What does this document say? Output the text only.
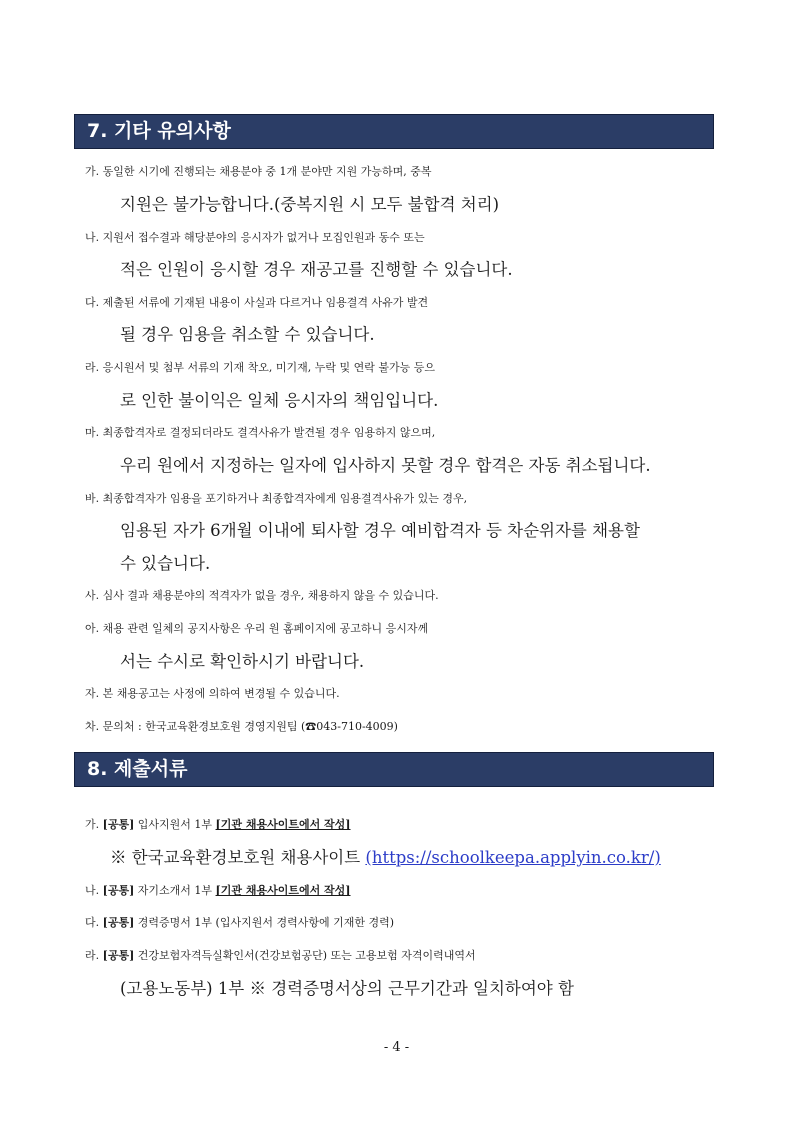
7. 기타 유의사항
가. 동일한 시기에 진행되는 채용분야 중 1개 분야만 지원 가능하며, 중복
지원은 불가능합니다.(중복지원 시 모두 불합격 처리)
나. 지원서 접수결과 해당분야의 응시자가 없거나 모집인원과 동수 또는
적은 인원이 응시할 경우 재공고를 진행할 수 있습니다.
다. 제출된 서류에 기재된 내용이 사실과 다르거나 임용결격 사유가 발견
될 경우 임용을 취소할 수 있습니다.
라. 응시원서 및 첨부 서류의 기재 착오, 미기재, 누락 및 연락 불가능 등으
로 인한 불이익은 일체 응시자의 책임입니다.
마. 최종합격자로 결정되더라도 결격사유가 발견될 경우 임용하지 않으며,
우리 원에서 지정하는 일자에 입사하지 못할 경우 합격은 자동 취소됩니다.
바. 최종합격자가 임용을 포기하거나 최종합격자에게 임용결격사유가 있는 경우,
임용된 자가 6개월 이내에 퇴사할 경우 예비합격자 등 차순위자를 채용할
수 있습니다.
사. 심사 결과 채용분야의 적격자가 없을 경우, 채용하지 않을 수 있습니다.
아. 채용 관련 일체의 공지사항은 우리 원 홈페이지에 공고하니 응시자께
서는 수시로 확인하시기 바랍니다.
자. 본 채용공고는 사정에 의하여 변경될 수 있습니다.
차. 문의처 : 한국교육환경보호원 경영지원팀 (☎043-710-4009)
8. 제출서류
가. [공통] 입사지원서 1부 [기관 채용사이트에서 작성]
※ 한국교육환경보호원 채용사이트 (https://schoolkeepa.applyin.co.kr/)
나. [공통] 자기소개서 1부 [기관 채용사이트에서 작성]
다. [공통] 경력증명서 1부 (입사지원서 경력사항에 기재한 경력)
라. [공통] 건강보험자격득실확인서(건강보험공단) 또는 고용보험 자격이력내역서
(고용노동부) 1부 ※ 경력증명서상의 근무기간과 일치하여야 함
- 4 -
